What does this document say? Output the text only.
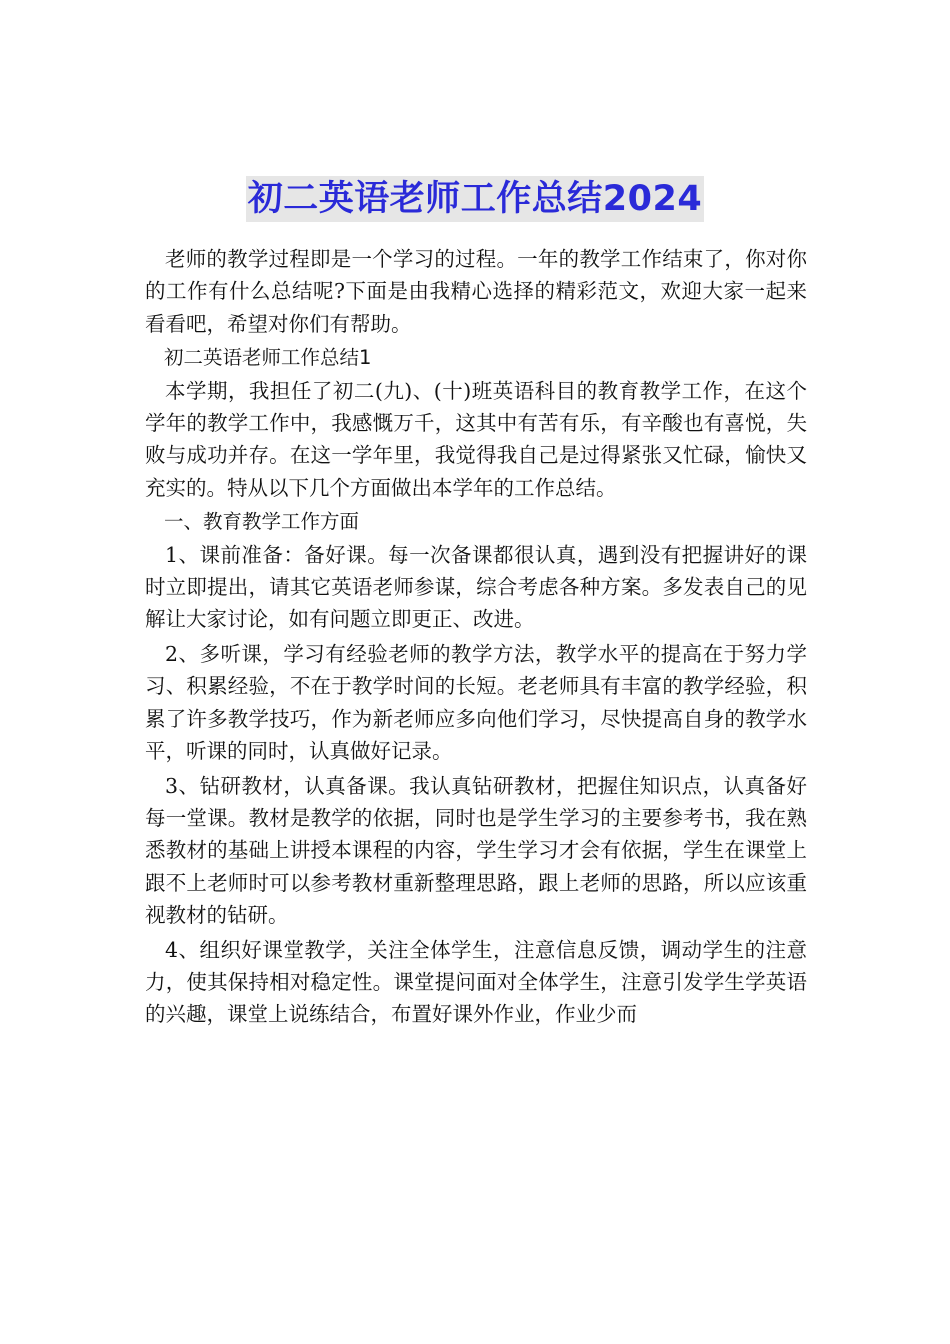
初二英语老师工作总结2024

老师的教学过程即是一个学习的过程。一年的教学工作结束了，你对你的工作有什么总结呢?下面是由我精心选择的精彩范文，欢迎大家一起来看看吧，希望对你们有帮助。

初二英语老师工作总结1

本学期，我担任了初二(九)、(十)班英语科目的教育教学工作，在这个学年的教学工作中，我感慨万千，这其中有苦有乐，有辛酸也有喜悦，失败与成功并存。在这一学年里，我觉得我自己是过得紧张又忙碌，愉快又充实的。特从以下几个方面做出本学年的工作总结。

一、教育教学工作方面

1、课前准备：备好课。每一次备课都很认真，遇到没有把握讲好的课时立即提出，请其它英语老师参谋，综合考虑各种方案。多发表自己的见解让大家讨论，如有问题立即更正、改进。

2、多听课，学习有经验老师的教学方法，教学水平的提高在于努力学习、积累经验，不在于教学时间的长短。老老师具有丰富的教学经验，积累了许多教学技巧，作为新老师应多向他们学习，尽快提高自身的教学水平，听课的同时，认真做好记录。

3、钻研教材，认真备课。我认真钻研教材，把握住知识点，认真备好每一堂课。教材是教学的依据，同时也是学生学习的主要参考书，我在熟悉教材的基础上讲授本课程的内容，学生学习才会有依据，学生在课堂上跟不上老师时可以参考教材重新整理思路，跟上老师的思路，所以应该重视教材的钻研。

4、组织好课堂教学，关注全体学生，注意信息反馈，调动学生的注意力，使其保持相对稳定性。课堂提问面对全体学生，注意引发学生学英语的兴趣，课堂上说练结合，布置好课外作业，作业少而
